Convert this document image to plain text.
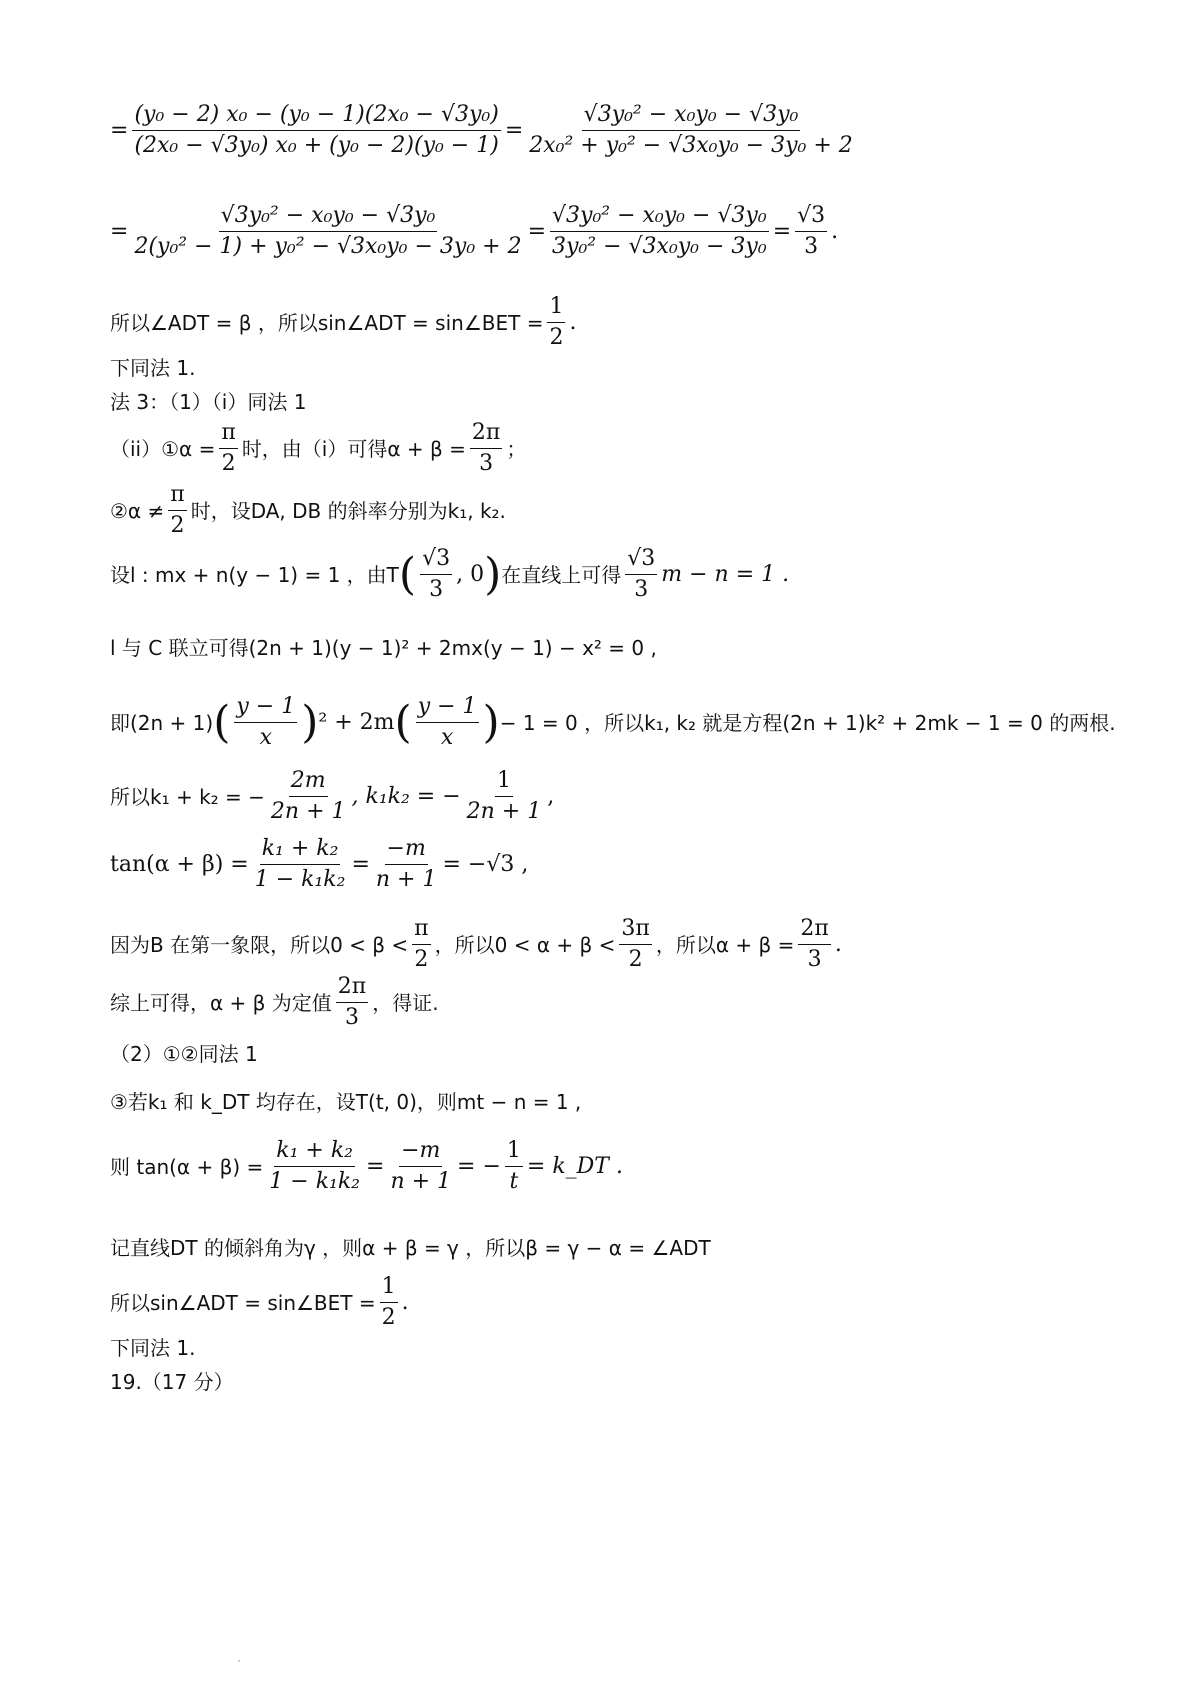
= $\frac{\text{(y₀ − 2) x₀ − (y₀ − 1)(2x₀ − √3y₀)}}{\text{(2x₀ − √3y₀) x₀ + (y₀ − 2)(y₀ − 1)}} = \frac{\text{√3y₀² − x₀y₀ − √3y₀}}{\text{2x₀² + y₀² − √3x₀y₀ − 3y₀ + 2}}$
= $\frac{\text{√3y₀² − x₀y₀ − √3y₀}}{\text{2(y₀² − 1) + y₀² − √3x₀y₀ − 3y₀ + 2}} = \frac{\text{√3y₀² − x₀y₀ − √3y₀}}{\text{3y₀² − √3x₀y₀ − 3y₀}} = \frac{√3}{3}$ .
所以∠ADT = β ，所以sin∠ADT = sin∠BET = $\frac{1}{2}$ .
下同法 1.
法 3：（1）（i）同法 1
（ii）①α = $\frac{\pi}{2}$ 时，由（i）可得$\alpha + \beta = \frac{2\pi}{3}$ ；
②α ≠ $\frac{\pi}{2}$ 时，设DA, DB 的斜率分别为k₁, k₂.
设l : mx + n(y − 1) = 1 ，由T ( $\frac{√3}{3}$ , 0 ) 在直线上可得 $\frac{√3}{3}$ m − n = 1 .
l 与 C 联立可得(2n + 1)(y − 1)² + 2mx(y − 1) − x² = 0 ,
即(2n + 1) ( $\frac{y - 1}{x}$ ) ² + 2m ( $\frac{y - 1}{x}$ ) − 1 = 0 ，所以k₁, k₂ 就是方程(2n + 1)k² + 2mk − 1 = 0 的两根.
所以k₁ + k₂ = − $\frac{2m}{2n + 1}$ , k₁k₂ = − $\frac{1}{2n + 1}$ ,
$\tan(\alpha + \beta) = \frac{\text{k₁ + k₂}}{\text{1 − k₁k₂}} = \frac{-m}{n + 1} = -√3$ ,
因为B 在第一象限，所以$0 < \beta < \frac{\pi}{2}$ ，所以$0 < \alpha + \beta < \frac{3\pi}{2}$ ，所以$\alpha + \beta = \frac{2\pi}{3}$ .
综上可得，α + β 为定值 $\frac{2\pi}{3}$ ，得证.
（2）①②同法 1
③若k₁ 和 k_DT 均存在，设T(t, 0)，则mt − n = 1 ,
则 $\tan(\alpha + \beta) = \frac{\text{k₁ + k₂}}{\text{1 − k₁k₂}} = \frac{-m}{n + 1}$ = − $\frac{1}{t}$ = k_DT .
记直线DT 的倾斜角为γ ，则α + β = γ ，所以β = γ − α = ∠ADT
所以sin∠ADT = sin∠BET = $\frac{1}{2}$ .
下同法 1.
19.（17 分）
